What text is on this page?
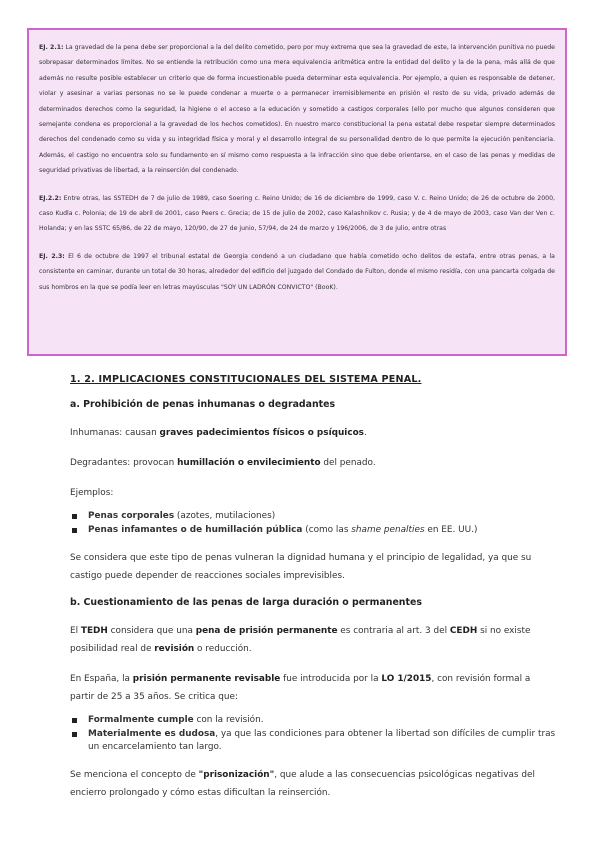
EJ. 2.1: La gravedad de la pena debe ser proporcional a la del delito cometido, pero por muy extrema que sea la gravedad de este, la intervención punitiva no puede sobrepasar determinados límites. No se entiende la retribución como una mera equivalencia aritmética entre la entidad del delito y la de la pena, más allá de que además no resulte posible establecer un criterio que de forma incuestionable pueda determinar esta equivalencia. Por ejemplo, a quien es responsable de detener, violar y asesinar a varias personas no se le puede condenar a muerte o a permanecer irremisiblemente en prisión el resto de su vida, privado además de determinados derechos como la seguridad, la higiene o el acceso a la educación y sometido a castigos corporales (ello por mucho que algunos consideren que semejante condena es proporcional a la gravedad de los hechos cometidos). En nuestro marco constitucional la pena estatal debe respetar siempre determinados derechos del condenado como su vida y su integridad física y moral y el desarrollo integral de su personalidad dentro de lo que permite la ejecución penitenciaria. Además, el castigo no encuentra solo su fundamento en sí mismo como respuesta a la infracción sino que debe orientarse, en el caso de las penas y medidas de seguridad privativas de libertad, a la reinserción del condenado.

EJ.2.2: Entre otras, las SSTEDH de 7 de julio de 1989, caso Soering c. Reino Unido; de 16 de diciembre de 1999, caso V. c. Reino Unido; de 26 de octubre de 2000, caso Kudla c. Polonia; de 19 de abril de 2001, caso Peers c. Grecia; de 15 de julio de 2002, caso Kalashnikov c. Rusia; y de 4 de mayo de 2003, caso Van der Ven c. Holanda; y en las SSTC 65/86, de 22 de mayo, 120/90, de 27 de junio, 57/94, de 24 de marzo y 196/2006, de 3 de julio, entre otras

EJ. 2.3: El 6 de octubre de 1997 el tribunal estatal de Georgia condenó a un ciudadano que había cometido ocho delitos de estafa, entre otras penas, a la consistente en caminar, durante un total de 30 horas, alrededor del edificio del juzgado del Condado de Fulton, donde el mismo residía, con una pancarta colgada de sus hombros en la que se podía leer en letras mayúsculas "SOY UN LADRÓN CONVICTO" (BooK).

1. 2. IMPLICACIONES CONSTITUCIONALES DEL SISTEMA PENAL.
a. Prohibición de penas inhumanas o degradantes

Inhumanas: causan graves padecimientos físicos o psíquicos.

Degradantes: provocan humillación o envilecimiento del penado.

Ejemplos:

Penas corporales (azotes, mutilaciones)
Penas infamantes o de humillación pública (como las shame penalties en EE. UU.)

Se considera que este tipo de penas vulneran la dignidad humana y el principio de legalidad, ya que su castigo puede depender de reacciones sociales imprevisibles.

b. Cuestionamiento de las penas de larga duración o permanentes

El TEDH considera que una pena de prisión permanente es contraria al art. 3 del CEDH si no existe posibilidad real de revisión o reducción.

En España, la prisión permanente revisable fue introducida por la LO 1/2015, con revisión formal a partir de 25 a 35 años. Se critica que:

Formalmente cumple con la revisión.
Materialmente es dudosa, ya que las condiciones para obtener la libertad son difíciles de cumplir tras un encarcelamiento tan largo.

Se menciona el concepto de "prisonización", que alude a las consecuencias psicológicas negativas del encierro prolongado y cómo estas dificultan la reinserción.
